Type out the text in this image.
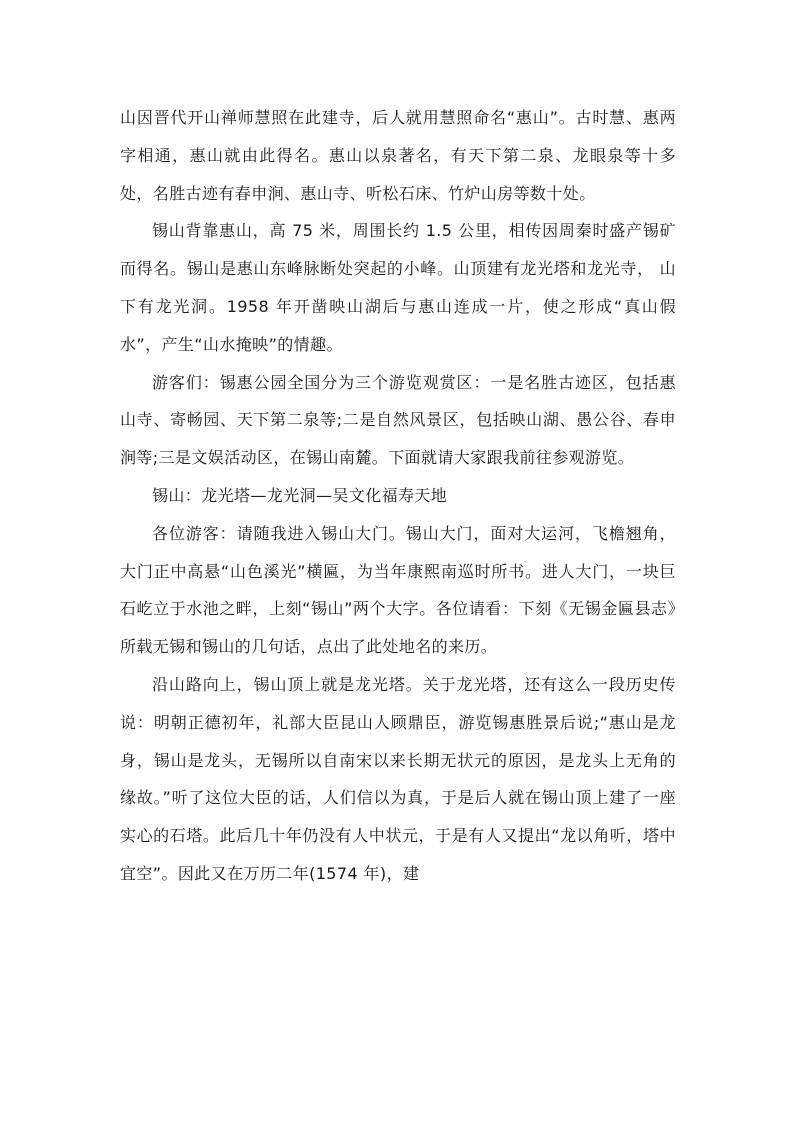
山因晋代开山禅师慧照在此建寺，后人就用慧照命名“惠山”。古时慧、惠两字相通，惠山就由此得名。惠山以泉著名，有天下第二泉、龙眼泉等十多处，名胜古迹有春申涧、惠山寺、听松石床、竹炉山房等数十处。

锡山背靠惠山，高 75 米，周围长约 1.5 公里，相传因周秦时盛产锡矿而得名。锡山是惠山东峰脉断处突起的小峰。山顶建有龙光塔和龙光寺， 山下有龙光洞。1958 年开凿映山湖后与惠山连成一片，使之形成“真山假水”，产生“山水掩映”的情趣。

游客们：锡惠公园全国分为三个游览观赏区：一是名胜古迹区，包括惠山寺、寄畅园、天下第二泉等;二是自然风景区，包括映山湖、愚公谷、春申涧等;三是文娱活动区，在锡山南麓。下面就请大家跟我前往参观游览。

锡山：龙光塔—龙光洞—吴文化福寿天地

各位游客：请随我进入锡山大门。锡山大门，面对大运河，飞檐翘角，大门正中高悬“山色溪光”横匾，为当年康熙南巡时所书。进人大门，一块巨石屹立于水池之畔，上刻“锡山”两个大字。各位请看：下刻《无锡金匾县志》所载无锡和锡山的几句话，点出了此处地名的来历。

沿山路向上，锡山顶上就是龙光塔。关于龙光塔，还有这么一段历史传说：明朝正德初年，礼部大臣昆山人顾鼎臣，游览锡惠胜景后说;“惠山是龙身，锡山是龙头，无锡所以自南宋以来长期无状元的原因，是龙头上无角的缘故。”听了这位大臣的话，人们信以为真，于是后人就在锡山顶上建了一座实心的石塔。此后几十年仍没有人中状元，于是有人又提出“龙以角听，塔中宜空”。因此又在万历二年(1574 年)，建
